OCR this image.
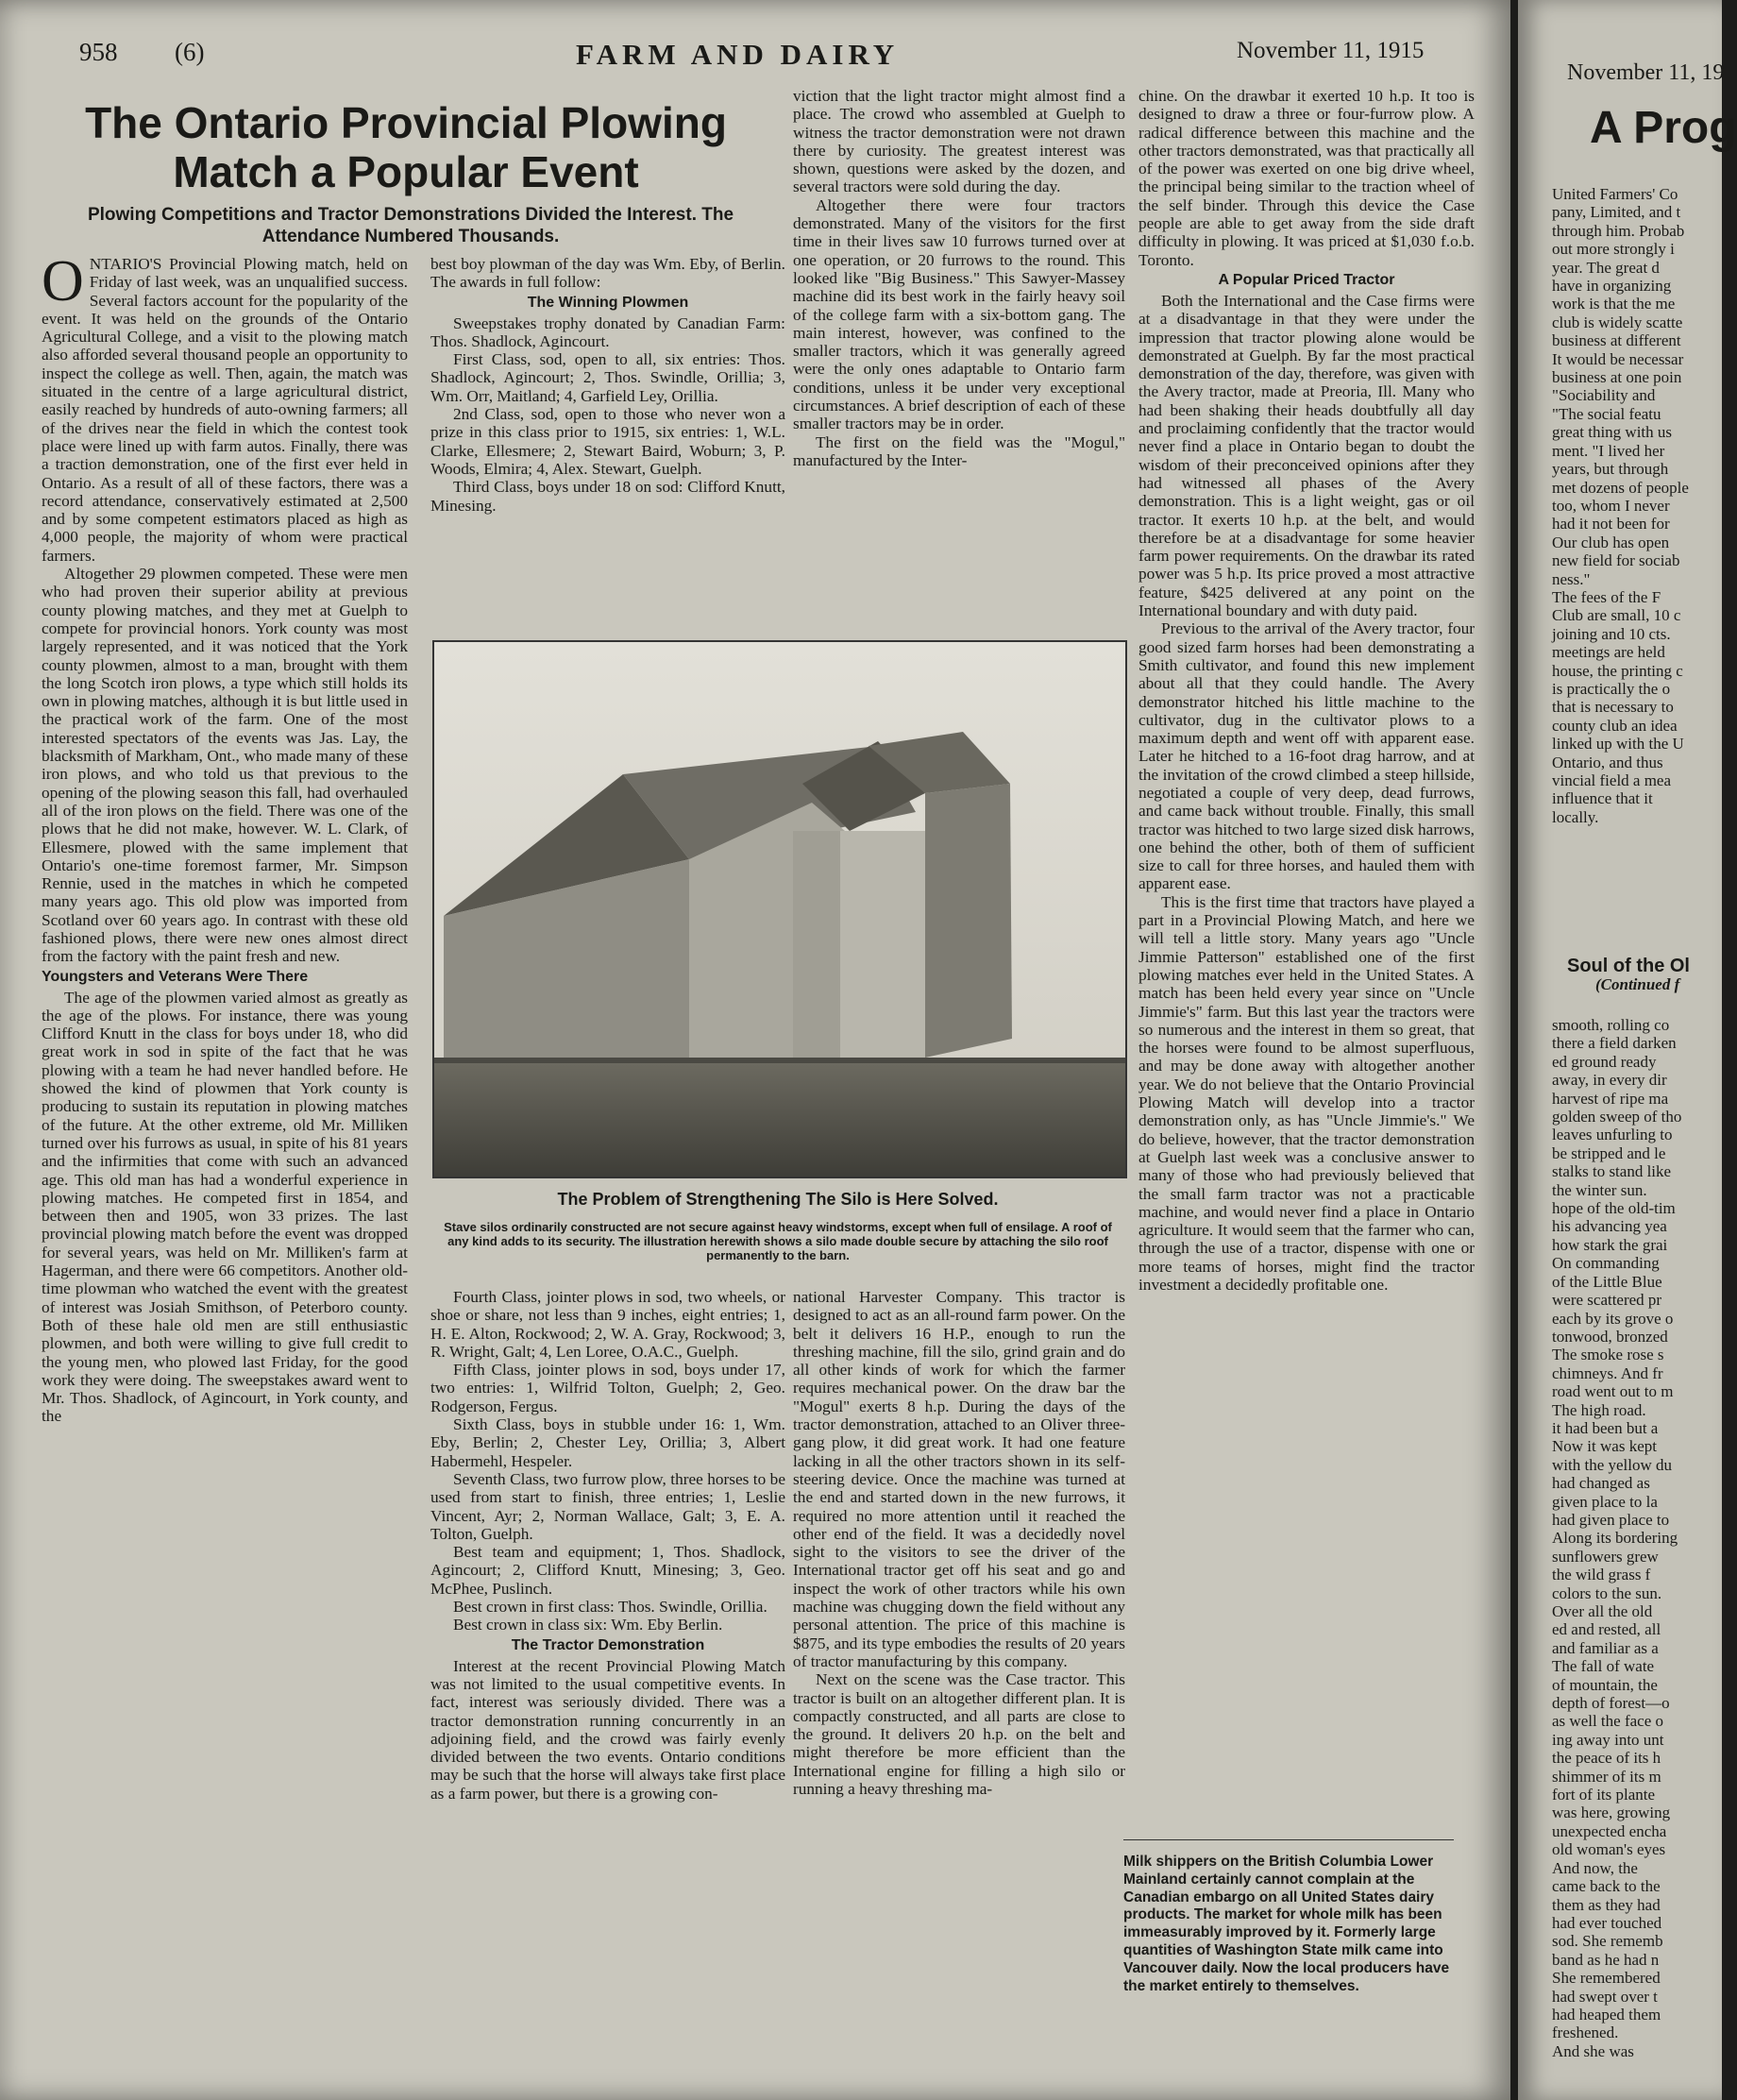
958 (6)	FARM AND DAIRY	November 11, 1915
The Ontario Provincial Plowing Match a Popular Event
Plowing Competitions and Tractor Demonstrations Divided the Interest. The Attendance Numbered Thousands.

ONTARIO'S Provincial Plowing match, held on Friday of last week, was an unqualified success. Several factors account for the popularity of the event. It was held on the grounds of the Ontario Agricultural College, and a visit to the plowing match also afforded several thousand people an opportunity to inspect the college as well. Then, again, the match was situated in the centre of a large agricultural district, easily reached by hundreds of auto-owning farmers; all of the drives near the field in which the contest took place were lined up with farm autos. Finally, there was a traction demonstration, one of the first ever held in Ontario. As a result of all of these factors, there was a record attendance, conservatively estimated at 2,500 and by some competent estimators placed as high as 4,000 people, the majority of whom were practical farmers.

Altogether 29 plowmen competed. These were men who had proven their superior ability at previous county plowing matches, and they met at Guelph to compete for provincial honors. York county was most largely represented, and it was noticed that the York county plowmen, almost to a man, brought with them the long Scotch iron plows, a type which still holds its own in plowing matches, although it is but little used in the practical work of the farm. One of the most interested spectators of the events was Jas. Lay, the blacksmith of Markham, Ont., who made many of these iron plows, and who told us that previous to the opening of the plowing season this fall, had overhauled all of the iron plows on the field. There was one of the plows that he did not make, however. W. L. Clark, of Ellesmere, plowed with the same implement that Ontario's one-time foremost farmer, Mr. Simpson Rennie, used in the matches in which he competed many years ago. This old plow was imported from Scotland over 60 years ago. In contrast with these old fashioned plows, there were new ones almost direct from the factory with the paint fresh and new.

Youngsters and Veterans Were There

The age of the plowmen varied almost as greatly as the age of the plows. For instance, there was young Clifford Knutt in the class for boys under 18, who did great work in sod in spite of the fact that he was plowing with a team he had never handled before. He showed the kind of plowmen that York county is producing to sustain its reputation in plowing matches of the future. At the other extreme, old Mr. Milliken turned over his furrows as usual, in spite of his 81 years and the infirmities that come with such an advanced age. This old man has had a wonderful experience in plowing matches. He competed first in 1854, and between then and 1905, won 33 prizes. The last provincial plowing match before the event was dropped for several years, was held on Mr. Milliken's farm at Hagerman, and there were 66 competitors. Another old-time plowman who watched the event with the greatest of interest was Josiah Smithson, of Peterboro county. Both of these hale old men are still enthusiastic plowmen, and both were willing to give full credit to the young men, who plowed last Friday, for the good work they were doing. The sweepstakes award went to Mr. Thos. Shadlock, of Agincourt, in York county, and the

best boy plowman of the day was Wm. Eby, of Berlin. The awards in full follow:

The Winning Plowmen

Sweepstakes trophy donated by Canadian Farm: Thos. Shadlock, Agincourt.

First Class, sod, open to all, six entries: Thos. Shadlock, Agincourt; 2, Thos. Swindle, Orillia; 3, Wm. Orr, Maitland; 4, Garfield Ley, Orillia.

2nd Class, sod, open to those who never won a prize in this class prior to 1915, six entries: 1, W.L. Clarke, Ellesmere; 2, Stewart Baird, Woburn; 3, P. Woods, Elmira; 4, Alex. Stewart, Guelph.

Third Class, boys under 18 on sod: Clifford Knutt, Minesing.

viction that the light tractor might almost find a place. The crowd who assembled at Guelph to witness the tractor demonstration were not drawn there by curiosity. The greatest interest was shown, questions were asked by the dozen, and several tractors were sold during the day.

Altogether there were four tractors demonstrated. Many of the visitors for the first time in their lives saw 10 furrows turned over at one operation, or 20 furrows to the round. This looked like "Big Business." This Sawyer-Massey machine did its best work in the fairly heavy soil of the college farm with a six-bottom gang. The main interest, however, was confined to the smaller tractors, which it was generally agreed were the only ones adaptable to Ontario farm conditions, unless it be under very exceptional circumstances. A brief description of each of these smaller tractors may be in order.

The first on the field was the "Mogul," manufactured by the Inter-

chine. On the drawbar it exerted 10 h.p. It too is designed to draw a three or four-furrow plow. A radical difference between this machine and the other tractors demonstrated, was that practically all of the power was exerted on one big drive wheel, the principal being similar to the traction wheel of the self binder. Through this device the Case people are able to get away from the side draft difficulty in plowing. It was priced at $1,030 f.o.b. Toronto.

A Popular Priced Tractor

Both the International and the Case firms were at a disadvantage in that they were under the impression that tractor plowing alone would be demonstrated at Guelph. By far the most practical demonstration of the day, therefore, was given with the Avery tractor, made at Preoria, Ill. Many who had been shaking their heads doubtfully all day and proclaiming confidently that the tractor would never find a place in Ontario began to doubt the wisdom of their preconceived opinions after they had witnessed all phases of the Avery demonstration. This is a light weight, gas or oil tractor. It exerts 10 h.p. at the belt, and would therefore be at a disadvantage for some heavier farm power requirements. On the drawbar its rated power was 5 h.p. Its price proved a most attractive feature, $425 delivered at any point on the International boundary and with duty paid.

Previous to the arrival of the Avery tractor, four good sized farm horses had been demonstrating a Smith cultivator, and found this new implement about all that they could handle. The Avery demonstrator hitched his little machine to the cultivator, dug in the cultivator plows to a maximum depth and went off with apparent ease. Later he hitched to a 16-foot drag harrow, and at the invitation of the crowd climbed a steep hillside, negotiated a couple of very deep, dead furrows, and came back without trouble. Finally, this small tractor was hitched to two large sized disk harrows, one behind the other, both of them of sufficient size to call for three horses, and hauled them with apparent ease.

This is the first time that tractors have played a part in a Provincial Plowing Match, and here we will tell a little story. Many years ago "Uncle Jimmie Patterson" established one of the first plowing matches ever held in the United States. A match has been held every year since on "Uncle Jimmie's" farm. But this last year the tractors were so numerous and the interest in them so great, that the horses were found to be almost superfluous, and may be done away with altogether another year. We do not believe that the Ontario Provincial Plowing Match will develop into a tractor demonstration only, as has "Uncle Jimmie's." We do believe, however, that the tractor demonstration at Guelph last week was a conclusive answer to many of those who had previously believed that the small farm tractor was not a practicable machine, and would never find a place in Ontario agriculture. It would seem that the farmer who can, through the use of a tractor, dispense with one or more teams of horses, might find the tractor investment a decidedly profitable one.

The Problem of Strengthening The Silo is Here Solved.
Stave silos ordinarily constructed are not secure against heavy windstorms, except when full of ensilage. A roof of any kind adds to its security. The illustration herewith shows a silo made double secure by attaching the silo roof permanently to the barn.

Fourth Class, jointer plows in sod, two wheels, or shoe or share, not less than 9 inches, eight entries; 1, H. E. Alton, Rockwood; 2, W. A. Gray, Rockwood; 3, R. Wright, Galt; 4, Len Loree, O.A.C., Guelph.

Fifth Class, jointer plows in sod, boys under 17, two entries: 1, Wilfrid Tolton, Guelph; 2, Geo. Rodgerson, Fergus.

Sixth Class, boys in stubble under 16: 1, Wm. Eby, Berlin; 2, Chester Ley, Orillia; 3, Albert Habermehl, Hespeler.

Seventh Class, two furrow plow, three horses to be used from start to finish, three entries; 1, Leslie Vincent, Ayr; 2, Norman Wallace, Galt; 3, E. A. Tolton, Guelph.

Best team and equipment; 1, Thos. Shadlock, Agincourt; 2, Clifford Knutt, Minesing; 3, Geo. McPhee, Puslinch.

Best crown in first class: Thos. Swindle, Orillia.

Best crown in class six: Wm. Eby Berlin.

The Tractor Demonstration

Interest at the recent Provincial Plowing Match was not limited to the usual competitive events. In fact, interest was seriously divided. There was a tractor demonstration running concurrently in an adjoining field, and the crowd was fairly evenly divided between the two events. Ontario conditions may be such that the horse will always take first place as a farm power, but there is a growing con-

national Harvester Company. This tractor is designed to act as an all-round farm power. On the belt it delivers 16 H.P., enough to run the threshing machine, fill the silo, grind grain and do all other kinds of work for which the farmer requires mechanical power. On the draw bar the "Mogul" exerts 8 h.p. During the days of the tractor demonstration, attached to an Oliver three-gang plow, it did great work. It had one feature lacking in all the other tractors shown in its self-steering device. Once the machine was turned at the end and started down in the new furrows, it required no more attention until it reached the other end of the field. It was a decidedly novel sight to the visitors to see the driver of the International tractor get off his seat and go and inspect the work of other tractors while his own machine was chugging down the field without any personal attention. The price of this machine is $875, and its type embodies the results of 20 years of tractor manufacturing by this company.

Next on the scene was the Case tractor. This tractor is built on an altogether different plan. It is compactly constructed, and all parts are close to the ground. It delivers 20 h.p. on the belt and might therefore be more efficient than the International engine for filling a high silo or running a heavy threshing ma-

Milk shippers on the British Columbia Lower Mainland certainly cannot complain at the Canadian embargo on all United States dairy products. The market for whole milk has been immeasurably improved by it. Formerly large quantities of Washington State milk came into Vancouver daily. Now the local producers have the market entirely to themselves.
November 11, 19
A Prog

United Farmers' Co

pany, Limited, and t

through him. Probab

out more strongly i

year. The great d

have in organizing

work is that the me

club is widely scatte

business at different

It would be necessar

business at one poin

"Sociability and

"The social featu

great thing with us

ment. "I lived her

years, but through

met dozens of people

too, whom I never

had it not been for

Our club has open

new field for sociab

ness."

The fees of the F

Club are small, 10 c

joining and 10 cts.

meetings are held

house, the printing c

is practically the o

that is necessary to

county club an idea

linked up with the U

Ontario, and thus

vincial field a mea

influence that it

locally.

Soul of the Ol

(Continued f

smooth, rolling co

there a field darken

ed ground ready

away, in every dir

harvest of ripe ma

golden sweep of tho

leaves unfurling to

be stripped and le

stalks to stand like

the winter sun.

hope of the old-tim

his advancing yea

how stark the grai

On commanding

of the Little Blue

were scattered pr

each by its grove o

tonwood, bronzed

The smoke rose s

chimneys. And fr

road went out to m

The high road.

it had been but a

Now it was kept

with the yellow du

had changed as

given place to la

had given place to

Along its bordering

sunflowers grew

the wild grass f

colors to the sun.

Over all the old

ed and rested, all

and familiar as a

The fall of wate

of mountain, the

depth of forest—o

as well the face o

ing away into unt

the peace of its h

shimmer of its m

fort of its plante

was here, growing

unexpected encha

old woman's eyes

And now, the

came back to the

them as they had

had ever touched

sod. She rememb

band as he had n

She remembered

had swept over t

had heaped them

freshened.

And she was
